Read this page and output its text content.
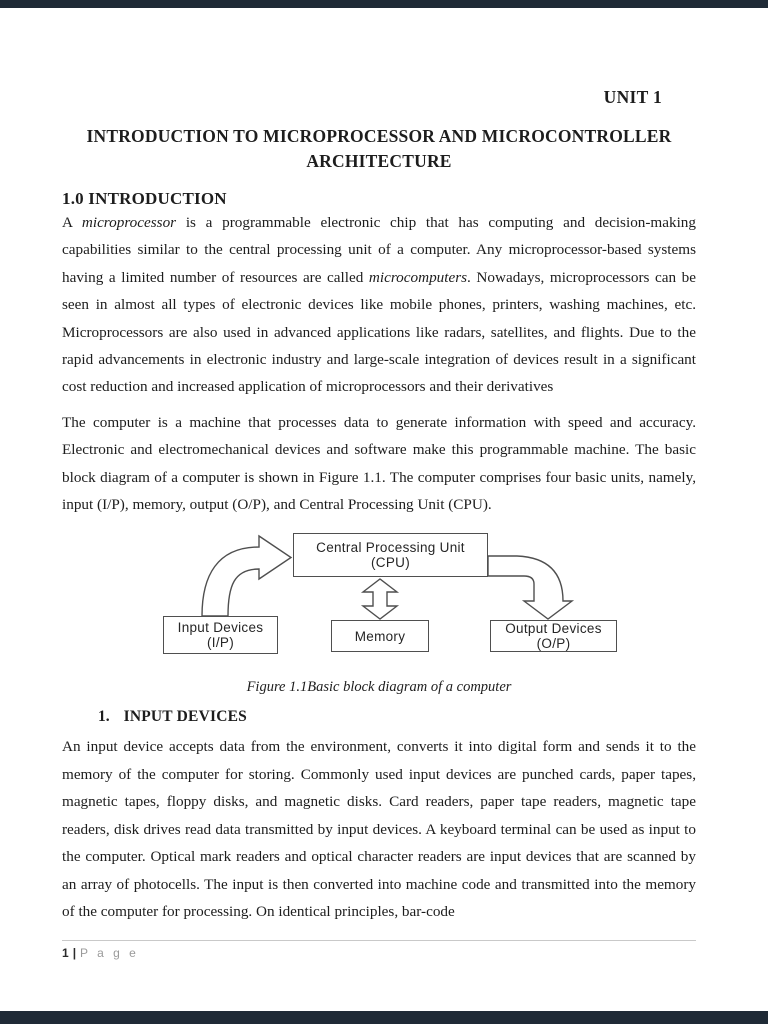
UNIT 1
INTRODUCTION TO MICROPROCESSOR AND MICROCONTROLLER
ARCHITECTURE
1.0 INTRODUCTION

A microprocessor is a programmable electronic chip that has computing and decision-making capabilities similar to the central processing unit of a computer. Any microprocessor-based systems having a limited number of resources are called microcomputers. Nowadays, microprocessors can be seen in almost all types of electronic devices like mobile phones, printers, washing machines, etc. Microprocessors are also used in advanced applications like radars, satellites, and flights. Due to the rapid advancements in electronic industry and large-scale integration of devices result in a significant cost reduction and increased application of microprocessors and their derivatives

The computer is a machine that processes data to generate information with speed and accuracy. Electronic and electromechanical devices and software make this programmable machine. The basic block diagram of a computer is shown in Figure 1.1. The computer comprises four basic units, namely, input (I/P), memory, output (O/P), and Central Processing Unit (CPU).

Central Processing Unit
(CPU)
Input Devices
(I/P)	Memory
Output Devices
(O/P)
Figure 1.1Basic block diagram of a computer
1. INPUT DEVICES

An input device accepts data from the environment, converts it into digital form and sends it to the memory of the computer for storing. Commonly used input devices are punched cards, paper tapes, magnetic tapes, floppy disks, and magnetic disks. Card readers, paper tape readers, magnetic tape readers, disk drives read data transmitted by input devices. A keyboard terminal can be used as input to the computer. Optical mark readers and optical character readers are input devices that are scanned by an array of photocells. The input is then converted into machine code and transmitted into the memory of the computer for processing. On identical principles, bar-code

1 | P a g e
